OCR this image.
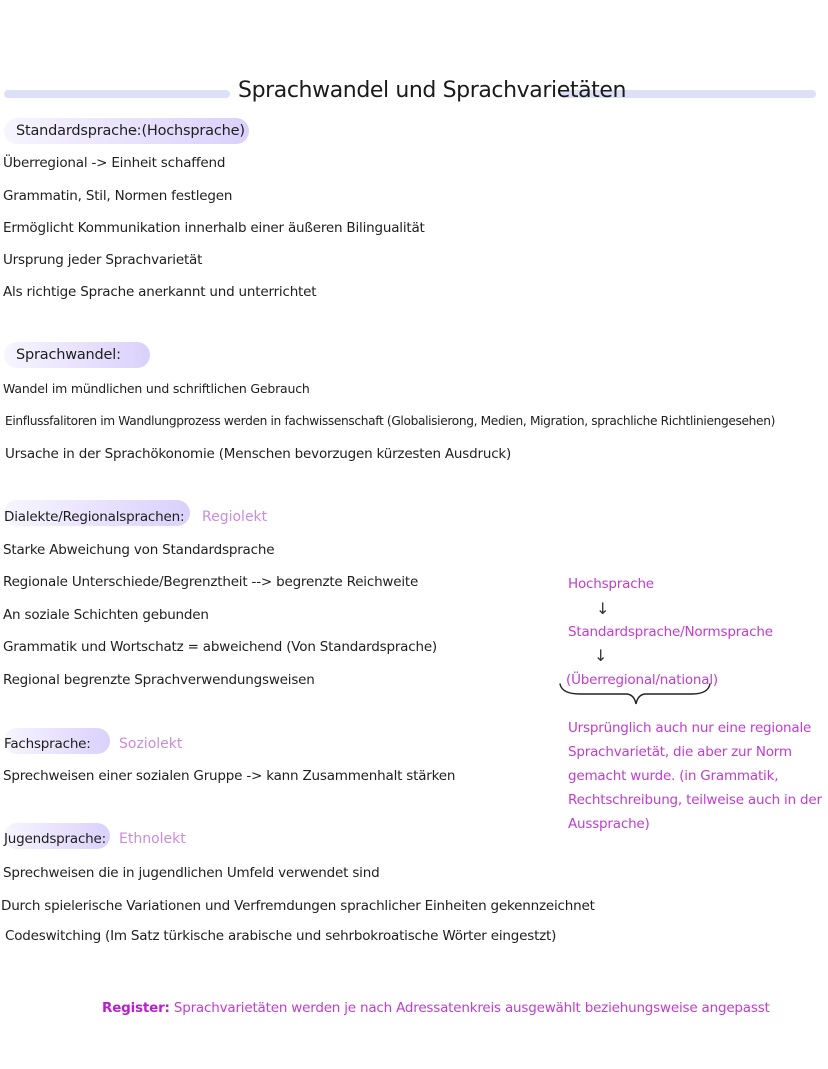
Sprachwandel und Sprachvarietäten
Standardsprache:
- (Hochsprache)
Überregional -> Einheit schaffend
Grammatin, Stil, Normen festlegen
Ermöglicht Kommunikation innerhalb einer äußeren Bilingualität
Ursprung jeder Sprachvarietät
Als richtige Sprache anerkannt und unterrichtet
Sprachwandel:
Wandel im mündlichen und schriftlichen Gebrauch
Einflussfalitoren im Wandlungprozess werden in fachwissenschaft (Globalisierong, Medien, Migration, sprachliche Richtliniengesehen)
Ursache in der Sprachökonomie (Menschen bevorzugen kürzesten Ausdruck)
Dialekte/Regionalsprachen: Regiolekt
Starke Abweichung von Standardsprache
Regionale Unterschiede/Begrenztheit --> begrenzte Reichweite
An soziale Schichten gebunden
Grammatik und Wortschatz = abweichend (Von Standardsprache)
Regional begrenzte Sprachverwendungsweisen
Fachsprache: Soziolekt
Sprechweisen einer sozialen Gruppe -> kann Zusammenhalt stärken
Jugendsprache: Ethnolekt
Sprechweisen die in jugendlichen Umfeld verwendet sind
Durch spielerische Variationen und Verfremdungen sprachlicher Einheiten gekennzeichnet
Codeswitching (Im Satz türkische arabische und sehrbokroatische Wörter eingestzt)
Hochsprache
↓
Standardsprache/Normsprache
↓
(Überregional/national)
Ursprünglich auch nur eine regionale
Sprachvarietät, die aber zur Norm
gemacht wurde. (in Grammatik,
Rechtschreibung, teilweise auch in der
Aussprache)
Register: Sprachvarietäten werden je nach Adressatenkreis ausgewählt beziehungsweise angepasst
